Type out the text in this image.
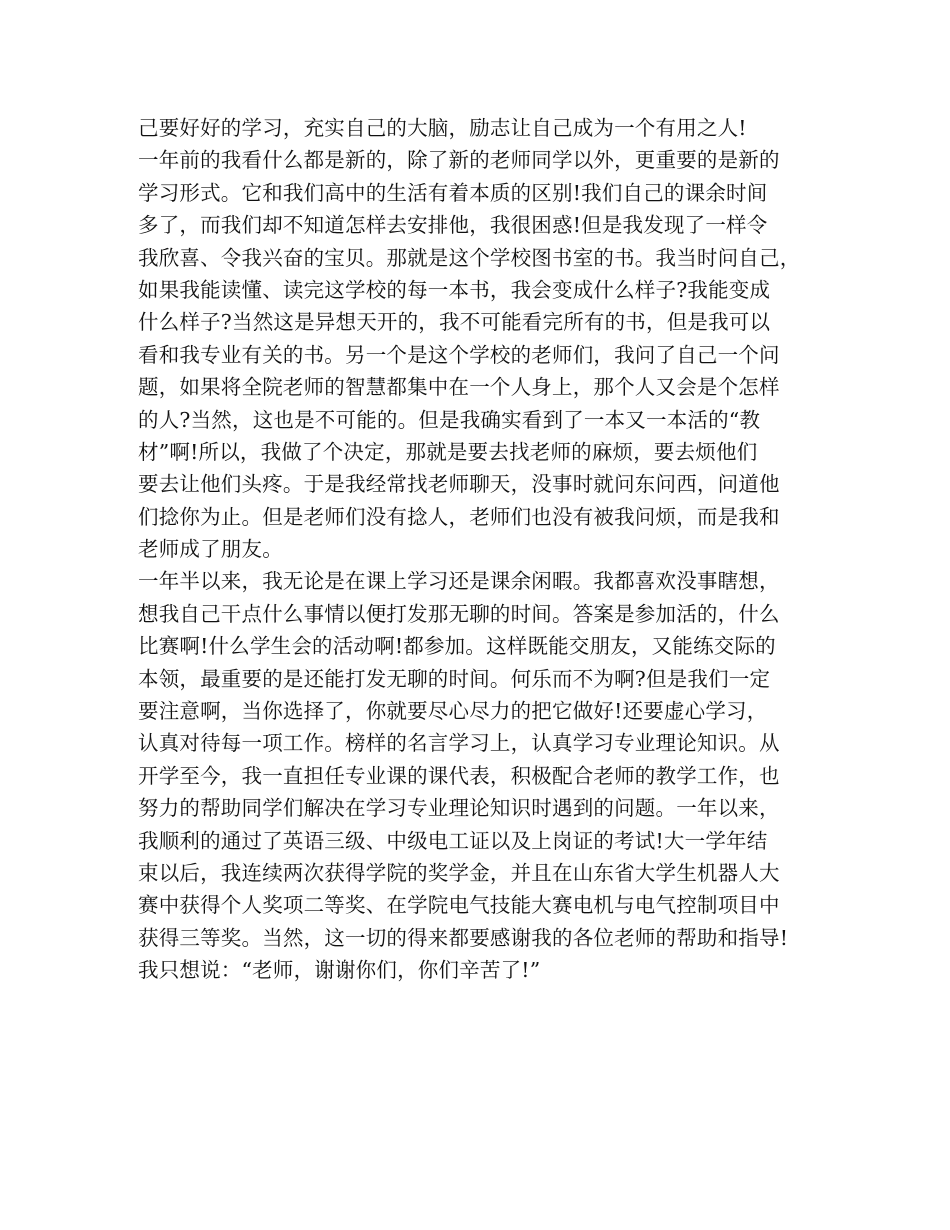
己要好好的学习，充实自己的大脑，励志让自己成为一个有用之人!
一年前的我看什么都是新的，除了新的老师同学以外，更重要的是新的
学习形式。它和我们高中的生活有着本质的区别!我们自己的课余时间
多了，而我们却不知道怎样去安排他，我很困惑!但是我发现了一样令
我欣喜、令我兴奋的宝贝。那就是这个学校图书室的书。我当时问自己，
如果我能读懂、读完这学校的每一本书，我会变成什么样子?我能变成
什么样子?当然这是异想天开的，我不可能看完所有的书，但是我可以
看和我专业有关的书。另一个是这个学校的老师们，我问了自己一个问
题，如果将全院老师的智慧都集中在一个人身上，那个人又会是个怎样
的人?当然，这也是不可能的。但是我确实看到了一本又一本活的“教
材”啊!所以，我做了个决定，那就是要去找老师的麻烦，要去烦他们
要去让他们头疼。于是我经常找老师聊天，没事时就问东问西，问道他
们捻你为止。但是老师们没有捻人，老师们也没有被我问烦，而是我和
老师成了朋友。
一年半以来，我无论是在课上学习还是课余闲暇。我都喜欢没事瞎想，
想我自己干点什么事情以便打发那无聊的时间。答案是参加活的，什么
比赛啊!什么学生会的活动啊!都参加。这样既能交朋友，又能练交际的
本领，最重要的是还能打发无聊的时间。何乐而不为啊?但是我们一定
要注意啊，当你选择了，你就要尽心尽力的把它做好!还要虚心学习，
认真对待每一项工作。榜样的名言学习上，认真学习专业理论知识。从
开学至今，我一直担任专业课的课代表，积极配合老师的教学工作，也
努力的帮助同学们解决在学习专业理论知识时遇到的问题。一年以来，
我顺利的通过了英语三级、中级电工证以及上岗证的考试!大一学年结
束以后，我连续两次获得学院的奖学金，并且在山东省大学生机器人大
赛中获得个人奖项二等奖、在学院电气技能大赛电机与电气控制项目中
获得三等奖。当然，这一切的得来都要感谢我的各位老师的帮助和指导!
我只想说：“老师，谢谢你们，你们辛苦了!”
